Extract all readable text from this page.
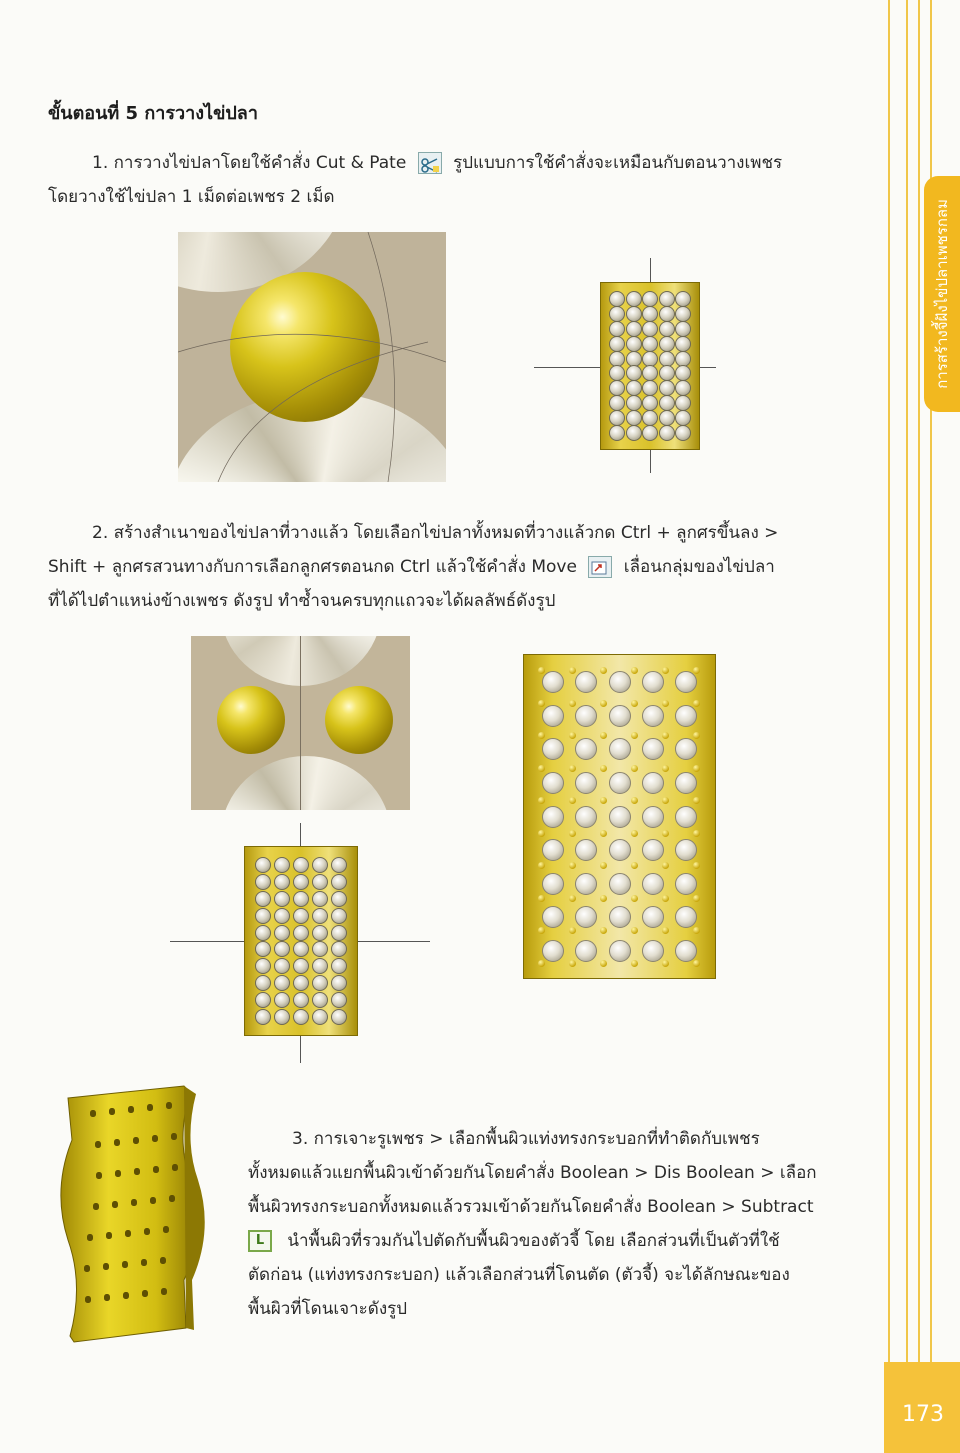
การสร้างจี้ฝังไข่ปลาเพชรกลม
ขั้นตอนที่ 5 การวางไข่ปลา
1. การวางไข่ปลาโดยใช้คำสั่ง Cut & Pate	รูปแบบการใช้คำสั่งจะเหมือนกับตอนวางเพชร
โดยวางใช้ไข่ปลา 1 เม็ดต่อเพชร 2 เม็ด
2. สร้างสำเนาของไข่ปลาที่วางแล้ว โดยเลือกไข่ปลาทั้งหมดที่วางแล้วกด Ctrl + ลูกศรขึ้นลง >
Shift + ลูกศรสวนทางกับการเลือกลูกศรตอนกด Ctrl แล้วใช้คำสั่ง Move	เลื่อนกลุ่มของไข่ปลา
ที่ได้ไปตำแหน่งข้างเพชร ดังรูป ทำซ้ำจนครบทุกแถวจะได้ผลลัพธ์ดังรูป
3. การเจาะรูเพชร > เลือกพื้นผิวแท่งทรงกระบอกที่ทำติดกับเพชร
ทั้งหมดแล้วแยกพื้นผิวเข้าด้วยกันโดยคำสั่ง Boolean > Dis Boolean > เลือก
พื้นผิวทรงกระบอกทั้งหมดแล้วรวมเข้าด้วยกันโดยคำสั่ง Boolean > Subtract
L นำพื้นผิวที่รวมกันไปตัดกับพื้นผิวของตัวจี้ โดย เลือกส่วนที่เป็นตัวที่ใช้
ตัดก่อน (แท่งทรงกระบอก) แล้วเลือกส่วนที่โดนตัด (ตัวจี้) จะได้ลักษณะของ
พื้นผิวที่โดนเจาะดังรูป
173
